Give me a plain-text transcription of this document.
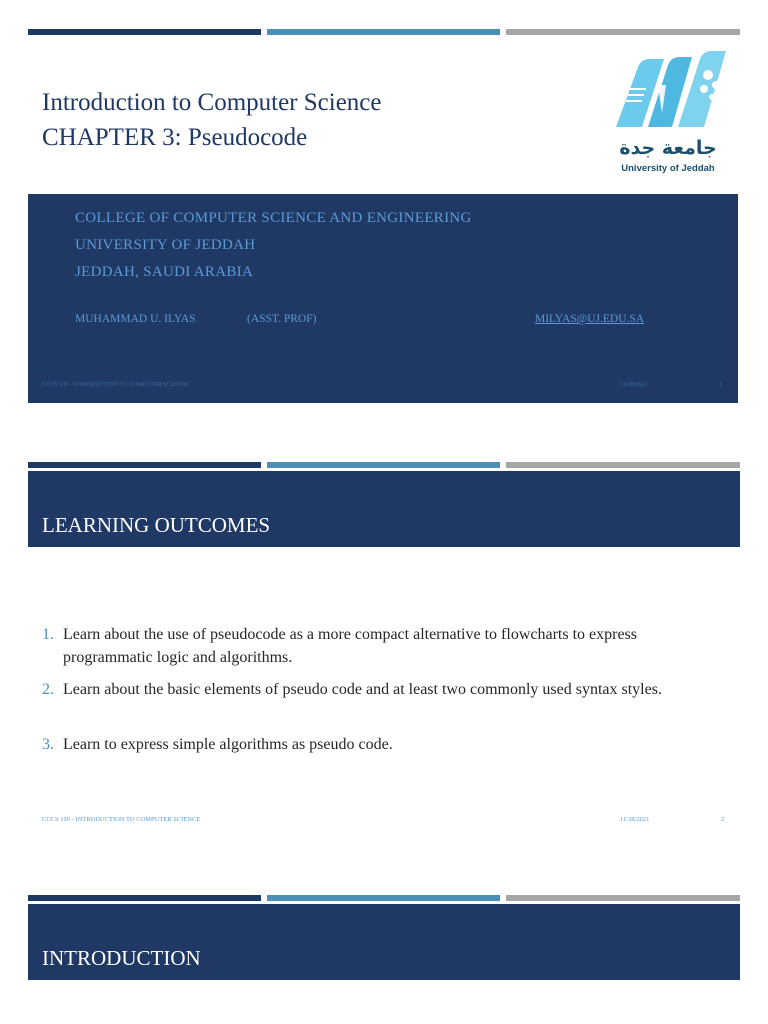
Introduction to Computer Science
CHAPTER 3: Pseudocode	جامعة جدة
University of Jeddah
COLLEGE OF COMPUTER SCIENCE AND ENGINEERING
UNIVERSITY OF JEDDAH
JEDDAH, SAUDI ARABIA
MUHAMMAD U. ILYAS	(ASST. PROF)	MILYAS@UJ.EDU.SA
CCCS 100 - INTRODUCTION TO COMPUTER SCIENCE	11/28/2021	1
LEARNING OUTCOMES
1. Learn about the use of pseudocode as a more compact alternative to flowcharts to express programmatic logic and algorithms.
2. Learn about the basic elements of pseudo code and at least two commonly used syntax styles.
3. Learn to express simple algorithms as pseudo code.
CCCS 100 - INTRODUCTION TO COMPUTER SCIENCE	11/28/2021	2
INTRODUCTION
